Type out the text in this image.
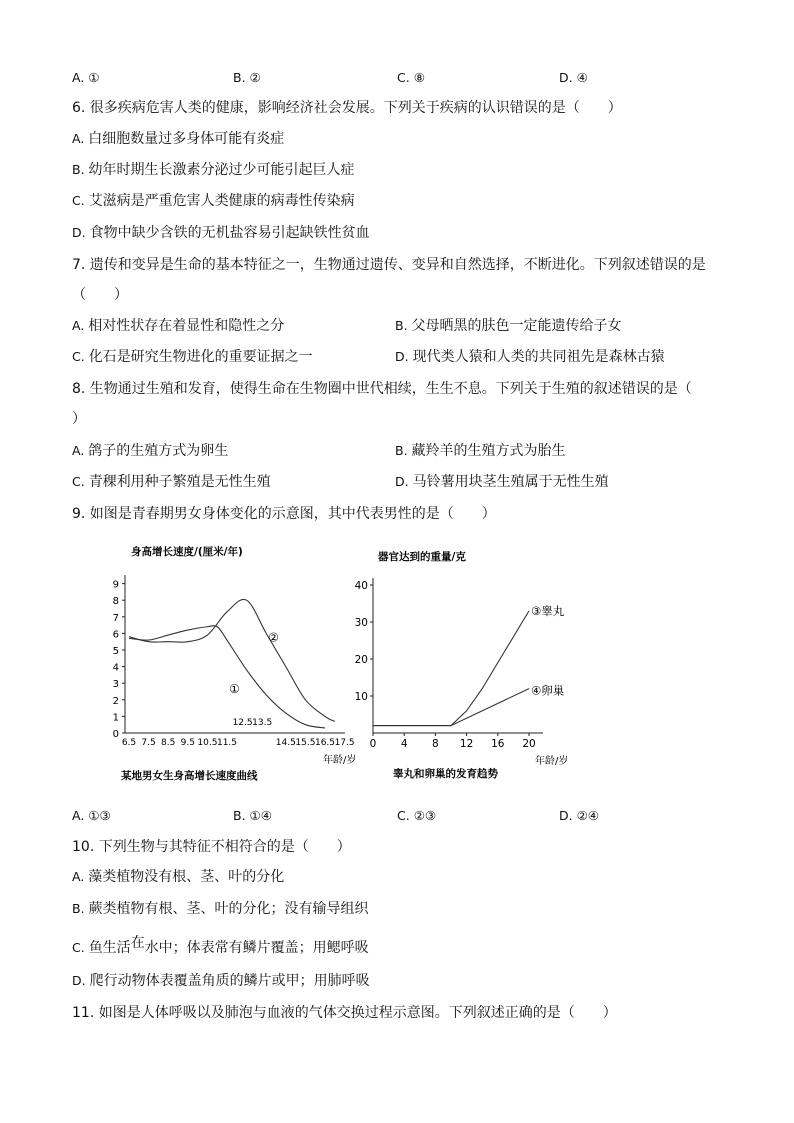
A. ①	B. ②	C. ⑧	D. ④
6. 很多疾病危害人类的健康，影响经济社会发展。下列关于疾病的认识错误的是（　　）
A. 白细胞数量过多身体可能有炎症
B. 幼年时期生长激素分泌过少可能引起巨人症
C. 艾滋病是严重危害人类健康的病毒性传染病
D. 食物中缺少含铁的无机盐容易引起缺铁性贫血
7. 遗传和变异是生命的基本特征之一，生物通过遗传、变异和自然选择，不断进化。下列叙述错误的是
（　　）
A. 相对性状存在着显性和隐性之分	B. 父母晒黑的肤色一定能遗传给子女
C. 化石是研究生物进化的重要证据之一	D. 现代类人猿和人类的共同祖先是森林古猿
8. 生物通过生殖和发育，使得生命在生物圈中世代相续，生生不息。下列关于生殖的叙述错误的是（
）
A. 鸽子的生殖方式为卵生	B. 藏羚羊的生殖方式为胎生
C. 青稞利用种子繁殖是无性生殖	D. 马铃薯用块茎生殖属于无性生殖
9. 如图是青春期男女身体变化的示意图，其中代表男性的是（　　）
身高增长速度/(厘米/年)
0
1
2
3
4
5
6
7
8
9
6.5 7.5 8.5 9.5 10.5 11.5	14.5 15.5 16.5 17.5
12.5 13.5
①
②
年龄/岁
某地男女生身高增长速度曲线
器官达到的重量/克
10
20
30
40
0 4 8 12 16 20
③睾丸
④卵巢
年龄/岁
睾丸和卵巢的发育趋势
A. ①③	B. ①④	C. ②③	D. ②④
10. 下列生物与其特征不相符合的是（　　）
A. 藻类植物没有根、茎、叶的分化
B. 蕨类植物有根、茎、叶的分化；没有输导组织
C. 鱼生活在水中；体表常有鳞片覆盖；用鳃呼吸
D. 爬行动物体表覆盖角质的鳞片或甲；用肺呼吸
11. 如图是人体呼吸以及肺泡与血液的气体交换过程示意图。下列叙述正确的是（　　）
